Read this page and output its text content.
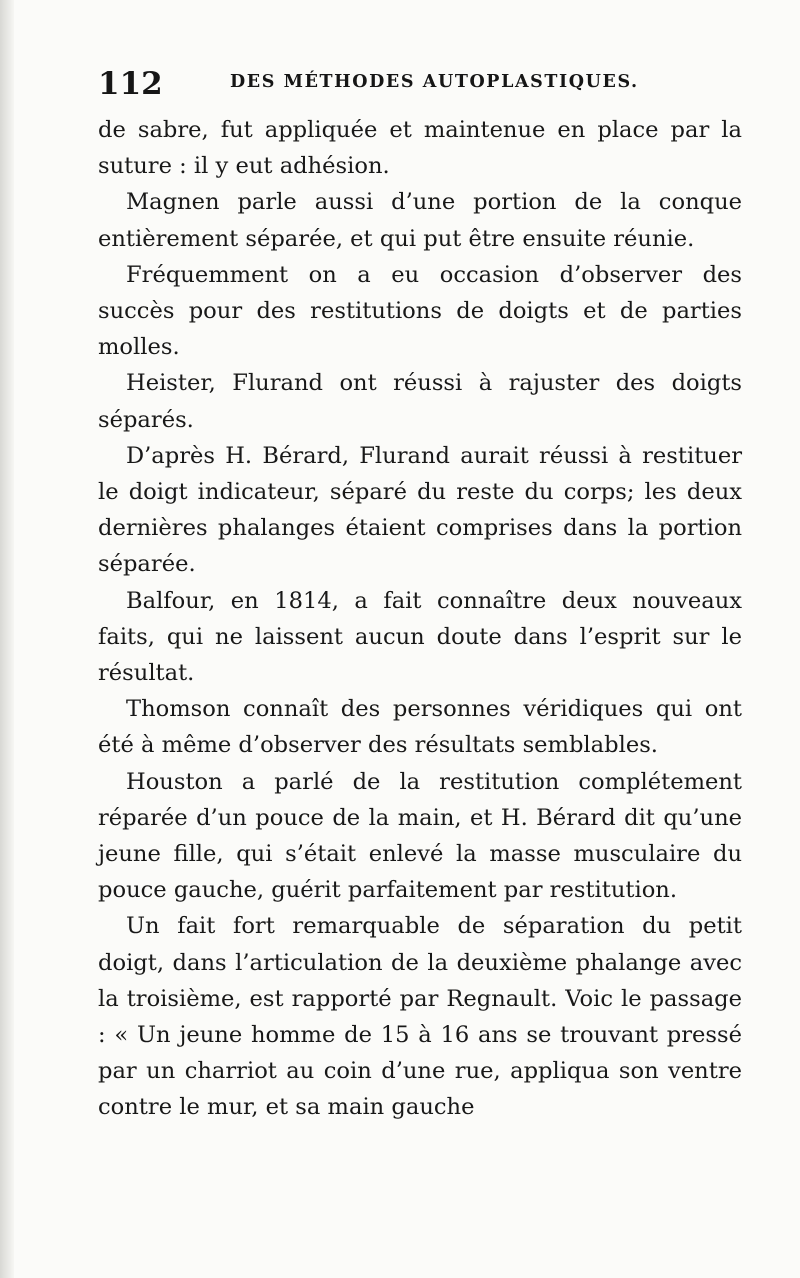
112	DES MÉTHODES AUTOPLASTIQUES.

de sabre, fut appliquée et maintenue en place par la suture : il y eut adhésion.

Magnen parle aussi d’une portion de la conque entièrement séparée, et qui put être ensuite réunie.

Fréquemment on a eu occasion d’observer des succès pour des restitutions de doigts et de parties molles.

Heister, Flurand ont réussi à rajuster des doigts séparés.

D’après H. Bérard, Flurand aurait réussi à restituer le doigt indicateur, séparé du reste du corps; les deux dernières phalanges étaient comprises dans la portion séparée.

Balfour, en 1814, a fait connaître deux nouveaux faits, qui ne laissent aucun doute dans l’esprit sur le résultat.

Thomson connaît des personnes véridiques qui ont été à même d’observer des résultats semblables.

Houston a parlé de la restitution complétement réparée d’un pouce de la main, et H. Bérard dit qu’une jeune fille, qui s’était enlevé la masse musculaire du pouce gauche, guérit parfaitement par restitution.

Un fait fort remarquable de séparation du petit doigt, dans l’articulation de la deuxième phalange avec la troisième, est rapporté par Regnault. Voic le passage : « Un jeune homme de 15 à 16 ans se trouvant pressé par un charriot au coin d’une rue, appliqua son ventre contre le mur, et sa main gauche
